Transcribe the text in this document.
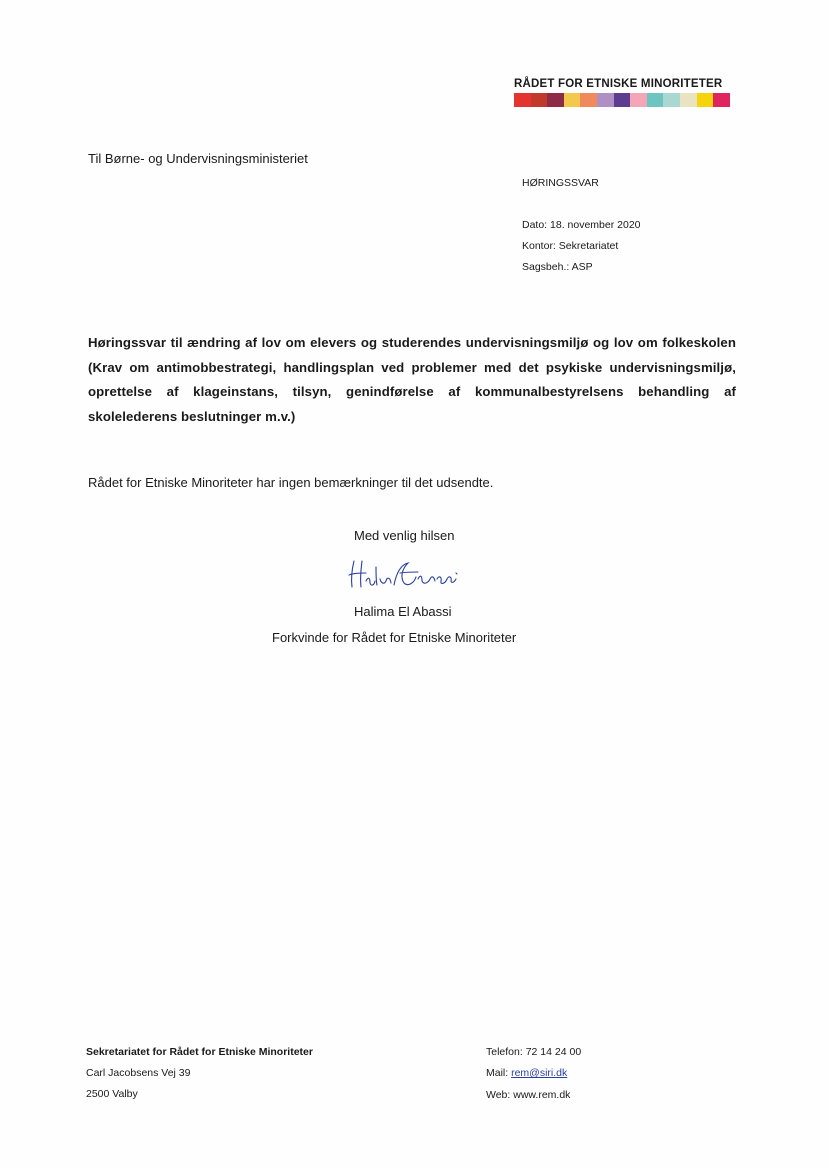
RÅDET FOR ETNISKE MINORITETER
Til Børne- og Undervisningsministeriet
HØRINGSSVAR
Dato: 18. november 2020
Kontor: Sekretariatet
Sagsbeh.: ASP
Høringssvar til ændring af lov om elevers og studerendes undervisningsmiljø og lov om folkeskolen (Krav om antimobbestrategi, handlingsplan ved problemer med det psykiske undervisningsmiljø, oprettelse af klageinstans, tilsyn, genindførelse af kommunalbestyrelsens behandling af skolelederens beslutninger m.v.)
Rådet for Etniske Minoriteter har ingen bemærkninger til det udsendte.
Med venlig hilsen
Halima El Abassi
Forkvinde for Rådet for Etniske Minoriteter
Sekretariatet for Rådet for Etniske Minoriteter
Carl Jacobsens Vej 39
2500 Valby
Telefon: 72 14 24 00
Mail: rem@siri.dk
Web: www.rem.dk
